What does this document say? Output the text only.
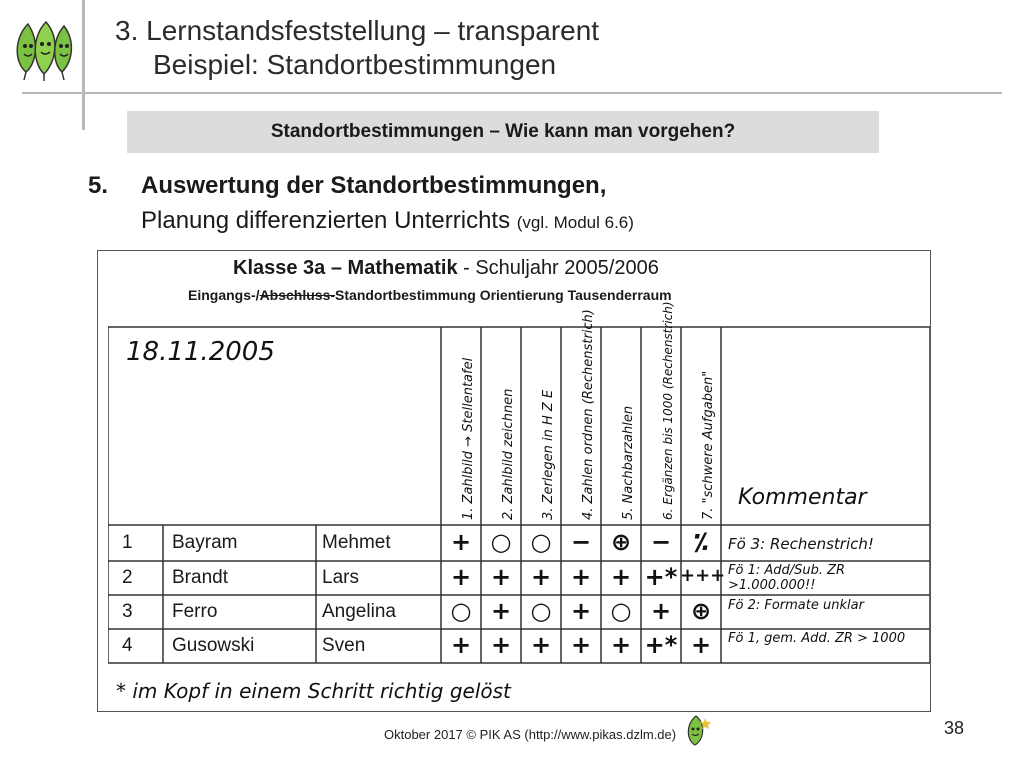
3. Lernstandsfeststellung – transparent
Beispiel: Standortbestimmungen
Standortbestimmungen – Wie kann man vorgehen?
5. Auswertung der Standortbestimmungen,
Planung differenzierten Unterrichts (vgl. Modul 6.6)
Klasse 3a – Mathematik - Schuljahr 2005/2006
Eingangs-/Abschluss-Standortbestimmung Orientierung Tausenderraum
18.11.2005
1. Zahlbild → Stellentafel 2. Zahlbild zeichnen 3. Zerlegen in H Z E 4. Zahlen ordnen (Rechenstrich) 5. Nachbarzahlen 6. Ergänzen bis 1000 (Rechenstrich) 7. "schwere Aufgaben" Kommentar
1 Bayram	Mehmet	+ ○ ○ − ⊕ − ⁒	Fö 3: Rechenstrich!
2 Brandt	Lars	+ + + + + +* +++ Fö 1: Add/Sub. ZR >1.000.000!!
3 Ferro	Angelina	○ + ○ + ○ + ⊕	Fö 2: Formate unklar
4 Gusowski	Sven	+ + + + + +* +	Fö 1, gem. Add. ZR > 1000
* im Kopf in einem Schritt richtig gelöst
Oktober 2017 © PIK AS (http://www.pikas.dzlm.de)	38
